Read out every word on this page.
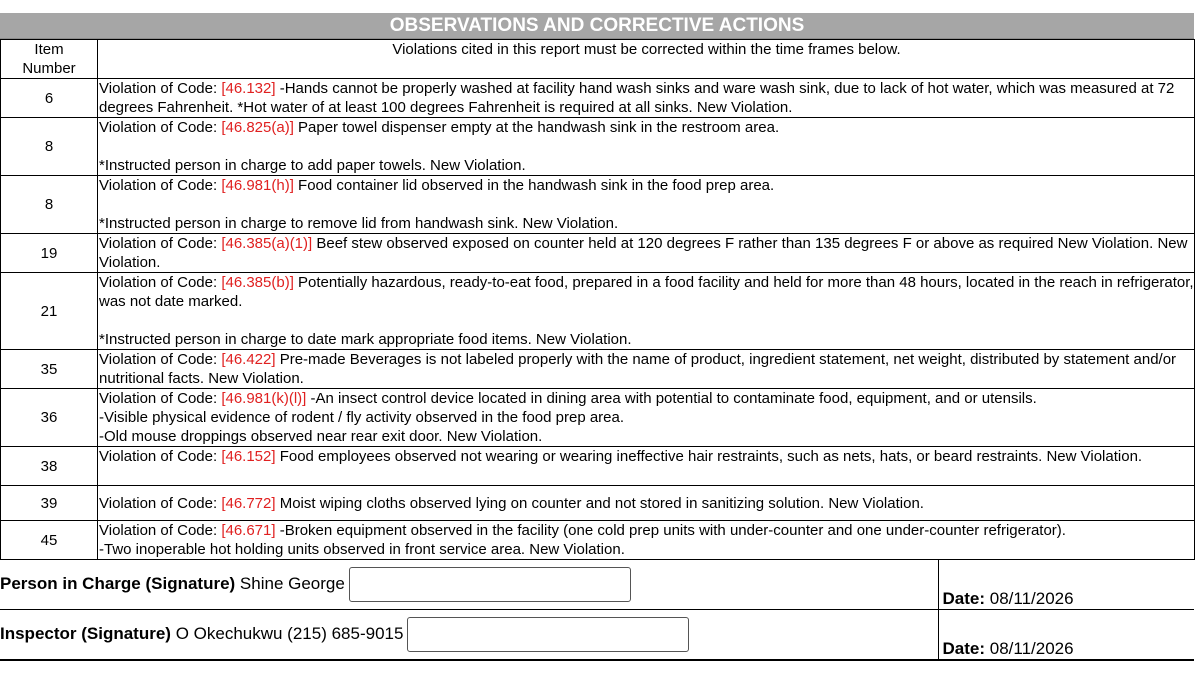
OBSERVATIONS AND CORRECTIVE ACTIONS
Item
Number	Violations cited in this report must be corrected within the time frames below.
6	Violation of Code: [46.132] -Hands cannot be properly washed at facility hand wash sinks and ware wash sink, due to lack of hot water, which was measured at 72 degrees Fahrenheit. *Hot water of at least 100 degrees Fahrenheit is required at all sinks. New Violation.
8	Violation of Code: [46.825(a)] Paper towel dispenser empty at the handwash sink in the restroom area.

*Instructed person in charge to add paper towels. New Violation.
8	Violation of Code: [46.981(h)] Food container lid observed in the handwash sink in the food prep area.

*Instructed person in charge to remove lid from handwash sink. New Violation.
19	Violation of Code: [46.385(a)(1)] Beef stew observed exposed on counter held at 120 degrees F rather than 135 degrees F or above as required New Violation. New Violation.
21	Violation of Code: [46.385(b)] Potentially hazardous, ready-to-eat food, prepared in a food facility and held for more than 48 hours, located in the reach in refrigerator, was not date marked.

*Instructed person in charge to date mark appropriate food items. New Violation.
35	Violation of Code: [46.422] Pre-made Beverages is not labeled properly with the name of product, ingredient statement, net weight, distributed by statement and/or nutritional facts. New Violation.
36	Violation of Code: [46.981(k)(l)] -An insect control device located in dining area with potential to contaminate food, equipment, and or utensils.
-Visible physical evidence of rodent / fly activity observed in the food prep area.
-Old mouse droppings observed near rear exit door. New Violation.
38	Violation of Code: [46.152] Food employees observed not wearing or wearing ineffective hair restraints, such as nets, hats, or beard restraints. New Violation.
39	Violation of Code: [46.772] Moist wiping cloths observed lying on counter and not stored in sanitizing solution. New Violation.
45	Violation of Code: [46.671] -Broken equipment observed in the facility (one cold prep units with under-counter and one under-counter refrigerator).
-Two inoperable hot holding units observed in front service area. New Violation.
Person in Charge (Signature) Shine George	Date: 08/11/2026
Inspector (Signature) O Okechukwu (215) 685-9015	Date: 08/11/2026
